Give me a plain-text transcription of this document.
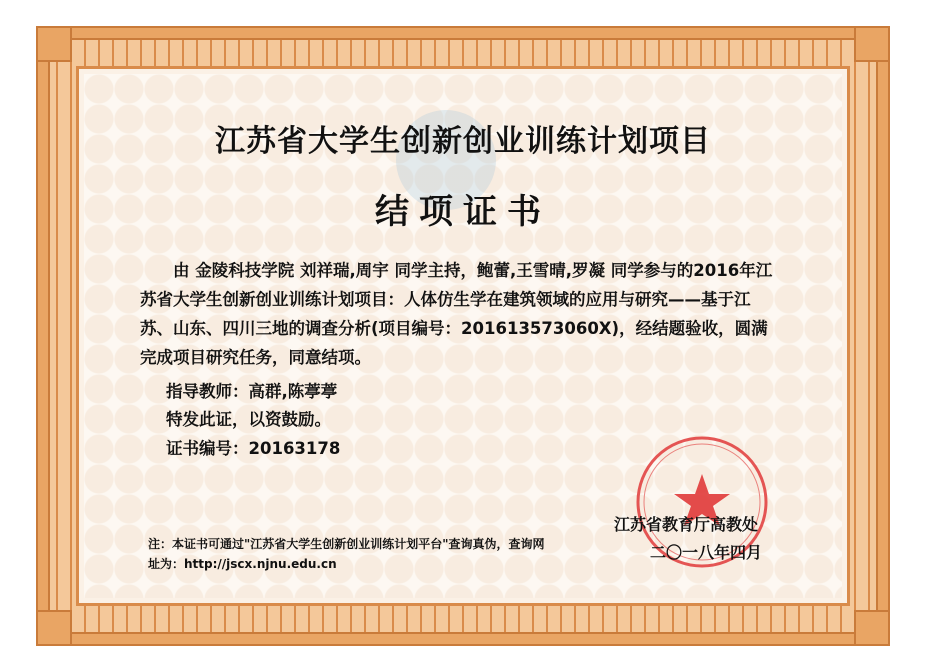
江苏省大学生创新创业训练计划项目
结项证书

由 金陵科技学院 刘祥瑞,周宇 同学主持，鲍蕾,王雪晴,罗凝 同学参与的2016年江苏省大学生创新创业训练计划项目：人体仿生学在建筑领域的应用与研究——基于江苏、山东、四川三地的调查分析(项目编号：201613573060X)，经结题验收，圆满完成项目研究任务，同意结项。

指导教师：高群,陈葶葶
特发此证，以资鼓励。
证书编号：20163178
注：本证书可通过"江苏省大学生创新创业训练计划平台"查询真伪，查询网
址为：http://jscx.njnu.edu.cn
江苏省教育厅高教处
二〇一八年四月
